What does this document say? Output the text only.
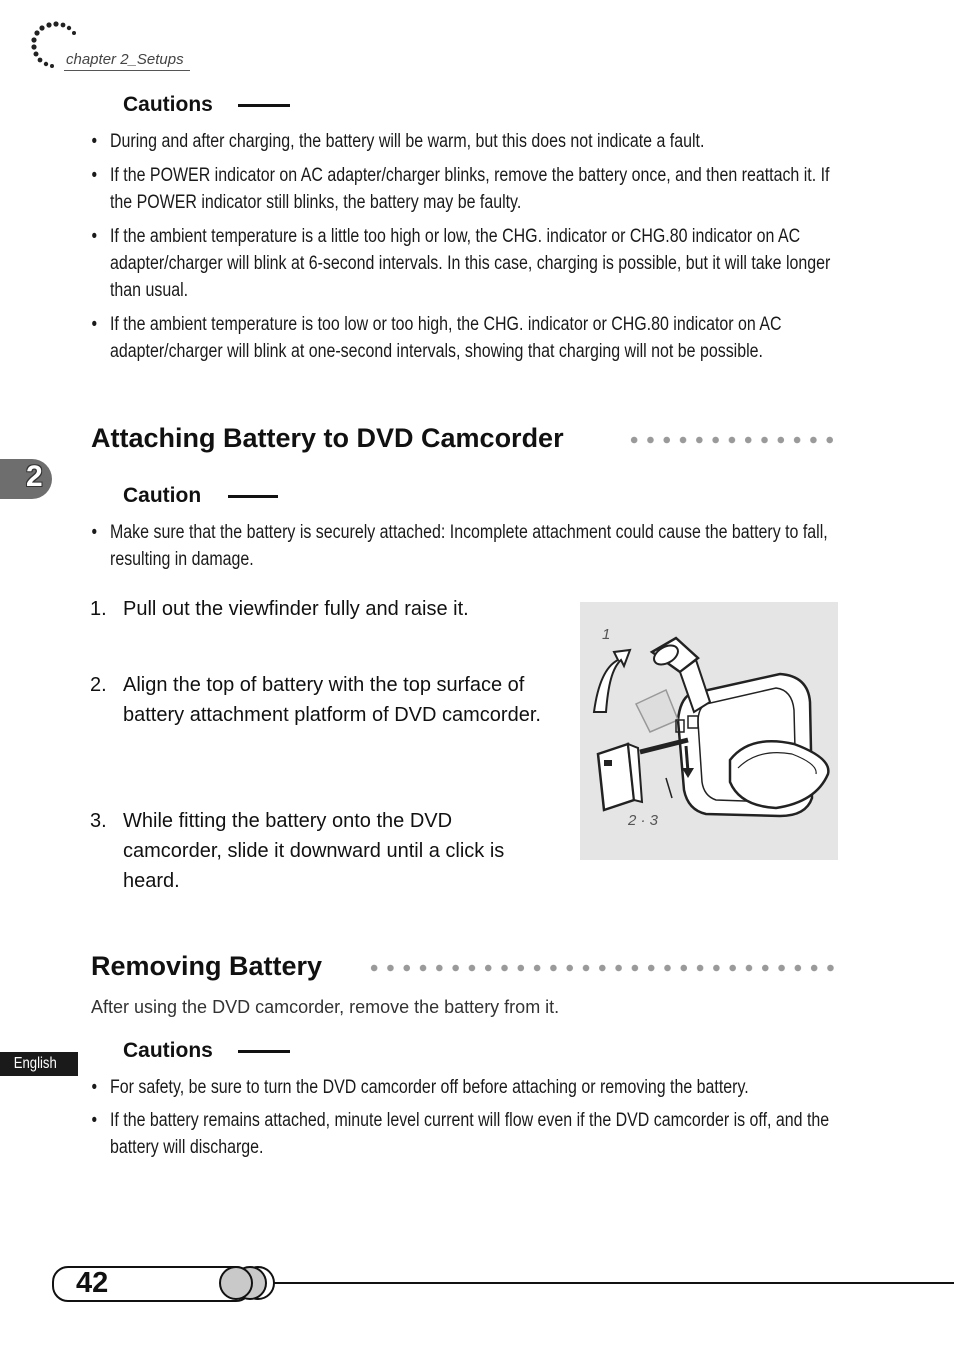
chapter 2_Setups
Cautions
• During and after charging, the battery will be warm, but this does not indicate a fault.
• If the POWER indicator on AC adapter/charger blinks, remove the battery once, and then reattach it. If the POWER indicator still blinks, the battery may be faulty.
• If the ambient temperature is a little too high or low, the CHG. indicator or CHG.80 indicator on AC adapter/charger will blink at 6-second intervals. In this case, charging is possible, but it will take longer than usual.
• If the ambient temperature is too low or too high, the CHG. indicator or CHG.80 indicator on AC adapter/charger will blink at one-second intervals, showing that charging will not be possible.
Attaching Battery to DVD Camcorder
2
Caution
• Make sure that the battery is securely attached: Incomplete attachment could cause the battery to fall, resulting in damage.
1. Pull out the viewfinder fully and raise it.
2. Align the top of battery with the top surface of battery attachment platform of DVD camcorder.
3. While fitting the battery onto the DVD camcorder, slide it downward until a click is heard.
1
2 · 3
Removing Battery
After using the DVD camcorder, remove the battery from it.
English
Cautions
• For safety, be sure to turn the DVD camcorder off before attaching or removing the battery.
• If the battery remains attached, minute level current will flow even if the DVD camcorder is off, and the battery will discharge.
42
